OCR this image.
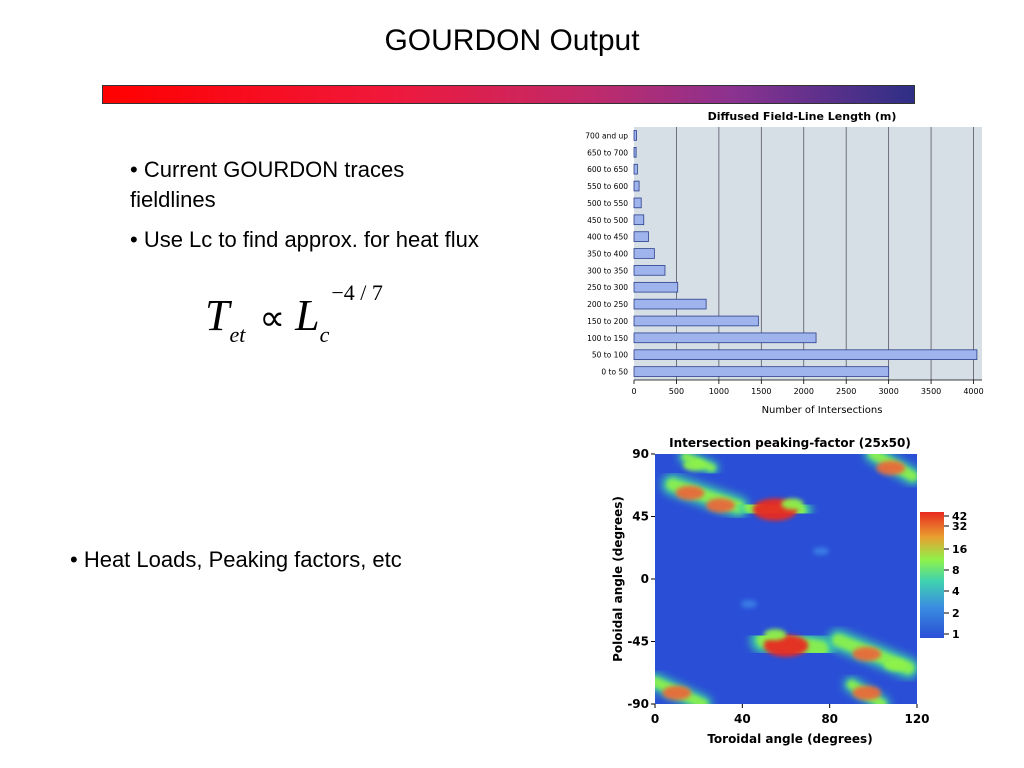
GOURDON Output
• Current GOURDON traces fieldlines
• Use Lc to find approx. for heat flux
Tet ∝ Lc−4 / 7
• Heat Loads, Peaking factors, etc
Diffused Field-Line Length (m)
0 to 50
50 to 100
100 to 150
150 to 200
200 to 250
250 to 300
300 to 350
350 to 400
400 to 450
450 to 500
500 to 550
550 to 600
600 to 650
650 to 700
700 and up
0	500	1000	1500	2000	2500	3000	3500	4000
Number of Intersections
Intersection peaking-factor (25x50)
90
45
0
-45
-90
0	40	80	120
Poloidal angle (degrees)
Toroidal angle (degrees)
42
32
16
8
4
2
1
